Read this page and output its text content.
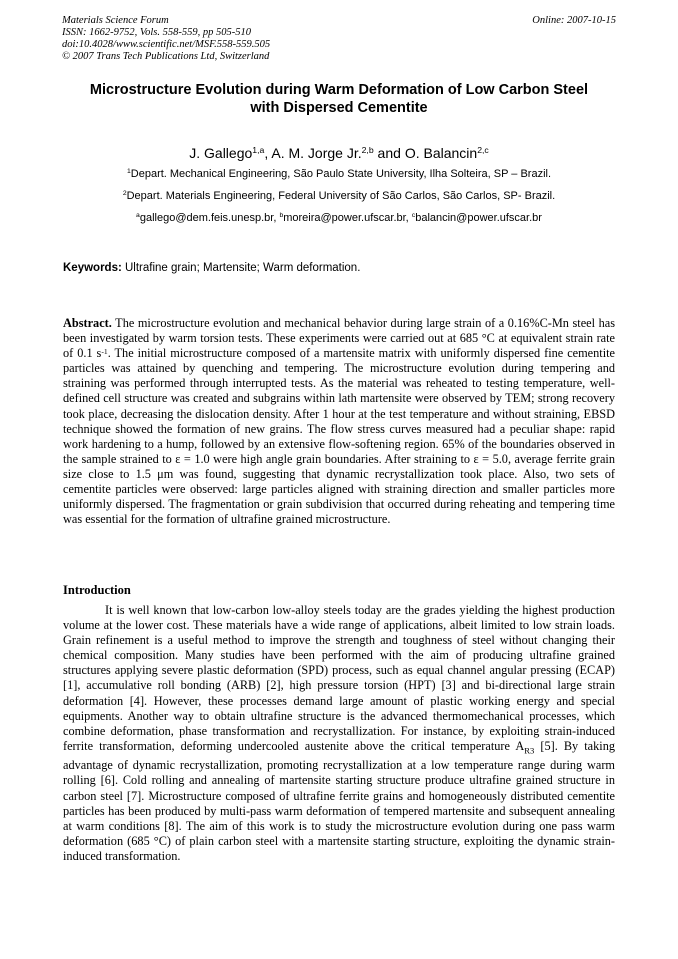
Materials Science Forum
ISSN: 1662-9752, Vols. 558-559, pp 505-510
doi:10.4028/www.scientific.net/MSF.558-559.505
© 2007 Trans Tech Publications Ltd, Switzerland
Online: 2007-10-15
Microstructure Evolution during Warm Deformation of Low Carbon Steel
with Dispersed Cementite
J. Gallego$^{1,a}$, A. M. Jorge Jr.$^{2,b}$ and O. Balancin$^{2,c}$
$^1$Depart. Mechanical Engineering, São Paulo State University, Ilha Solteira, SP – Brazil.
$^2$Depart. Materials Engineering, Federal University of São Carlos, São Carlos, SP- Brazil.
$^a$gallego@dem.feis.unesp.br, $^b$moreira@power.ufscar.br, $^c$balancin@power.ufscar.br
Keywords: Ultrafine grain; Martensite; Warm deformation.
Abstract. The microstructure evolution and mechanical behavior during large strain of a 0.16%C-Mn steel has been investigated by warm torsion tests. These experiments were carried out at 685 °C at equivalent strain rate of 0.1 $s^{-1}$. The initial microstructure composed of a martensite matrix with uniformly dispersed fine cementite particles was attained by quenching and tempering. The microstructure evolution during tempering and straining was performed through interrupted tests. As the material was reheated to testing temperature, well-defined cell structure was created and subgrains within lath martensite were observed by TEM; strong recovery took place, decreasing the dislocation density. After 1 hour at the test temperature and without straining, EBSD technique showed the formation of new grains. The flow stress curves measured had a peculiar shape: rapid work hardening to a hump, followed by an extensive flow-softening region. 65% of the boundaries observed in the sample strained to ε = 1.0 were high angle grain boundaries. After straining to ε = 5.0, average ferrite grain size close to 1.5 μm was found, suggesting that dynamic recrystallization took place. Also, two sets of cementite particles were observed: large particles aligned with straining direction and smaller particles more uniformly dispersed. The fragmentation or grain subdivision that occurred during reheating and tempering time was essential for the formation of ultrafine grained microstructure.
Introduction
It is well known that low-carbon low-alloy steels today are the grades yielding the highest production volume at the lower cost. These materials have a wide range of applications, albeit limited to low strain loads. Grain refinement is a useful method to improve the strength and toughness of steel without changing their chemical composition. Many studies have been performed with the aim of producing ultrafine grained structures applying severe plastic deformation (SPD) process, such as equal channel angular pressing (ECAP) [1], accumulative roll bonding (ARB) [2], high pressure torsion (HPT) [3] and bi-directional large strain deformation [4]. However, these processes demand large amount of plastic working energy and special equipments. Another way to obtain ultrafine structure is the advanced thermomechanical processes, which combine deformation, phase transformation and recrystallization. For instance, by exploiting strain-induced ferrite transformation, deforming undercooled austenite above the critical temperature $A_{R3}$ [5]. By taking advantage of dynamic recrystallization, promoting recrystallization at a low temperature range during warm rolling [6]. Cold rolling and annealing of martensite starting structure produce ultrafine grained structure in carbon steel [7]. Microstructure composed of ultrafine ferrite grains and homogeneously distributed cementite particles has been produced by multi-pass warm deformation of tempered martensite and subsequent annealing at warm conditions [8]. The aim of this work is to study the microstructure evolution during one pass warm deformation (685 °C) of plain carbon steel with a martensite starting structure, exploiting the dynamic strain-induced transformation.
